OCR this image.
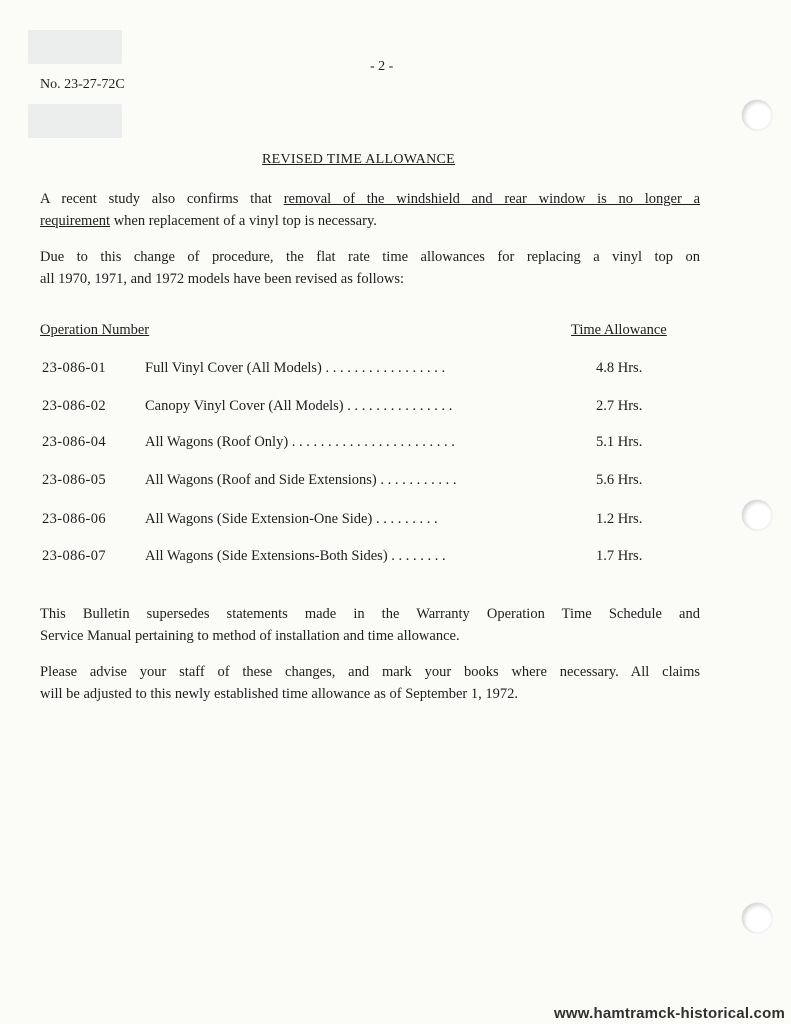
- 2 -
No. 23-27-72C
REVISED TIME ALLOWANCE
A recent study also confirms that removal of the windshield and rear window is no longer a
requirement when replacement of a vinyl top is necessary.
Due to this change of procedure, the flat rate time allowances for replacing a vinyl top on
all 1970, 1971, and 1972 models have been revised as follows:
Operation Number	Time Allowance
23-086-01	Full Vinyl Cover (All Models) . . . . . . . . . . . . . . . . .	4.8 Hrs.
23-086-02	Canopy Vinyl Cover (All Models) . . . . . . . . . . . . . . .	2.7 Hrs.
23-086-04	All Wagons (Roof Only) . . . . . . . . . . . . . . . . . . . . . . .	5.1 Hrs.
23-086-05	All Wagons (Roof and Side Extensions) . . . . . . . . . . .	5.6 Hrs.
23-086-06	All Wagons (Side Extension-One Side) . . . . . . . . .	1.2 Hrs.
23-086-07	All Wagons (Side Extensions-Both Sides) . . . . . . . .	1.7 Hrs.
This Bulletin supersedes statements made in the Warranty Operation Time Schedule and
Service Manual pertaining to method of installation and time allowance.
Please advise your staff of these changes, and mark your books where necessary. All claims
will be adjusted to this newly established time allowance as of September 1, 1972.
www.hamtramck-historical.com
